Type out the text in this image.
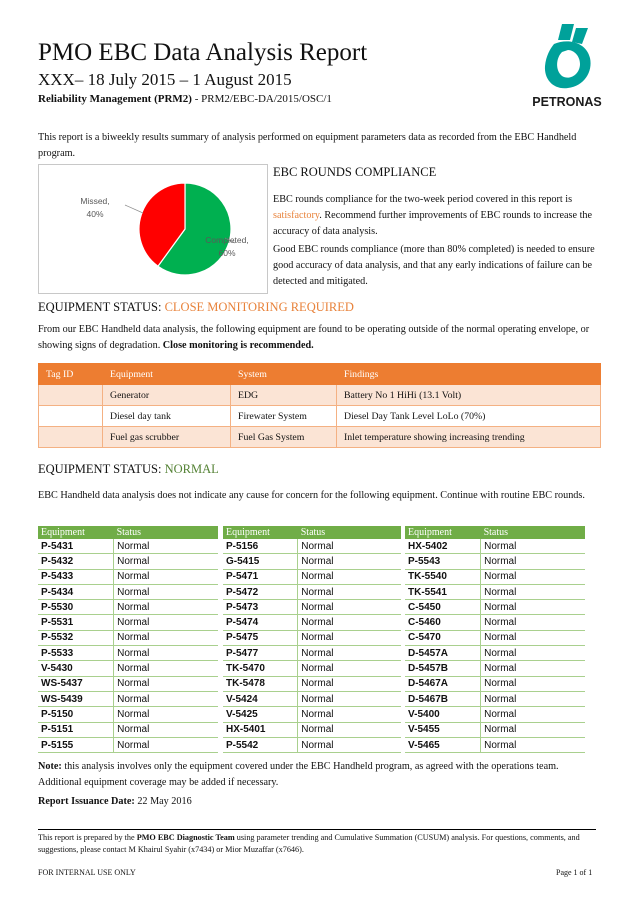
PMO EBC Data Analysis Report
XXX– 18 July 2015 – 1 August 2015
Reliability Management (PRM2) - PRM2/EBC-DA/2015/OSC/1	PETRONAS
This report is a biweekly results summary of analysis performed on equipment parameters data as recorded from the EBC Handheld program.
Missed,
40%
Completed,
60%
EBC ROUNDS COMPLIANCE
EBC rounds compliance for the two-week period covered in this report is satisfactory. Recommend further improvements of EBC rounds to increase the accuracy of data analysis.
Good EBC rounds compliance (more than 80% completed) is needed to ensure good accuracy of data analysis, and that any early indications of failure can be detected and mitigated.
EQUIPMENT STATUS: CLOSE MONITORING REQUIRED
From our EBC Handheld data analysis, the following equipment are found to be operating outside of the normal operating envelope, or showing signs of degradation. Close monitoring is recommended.
Tag ID	Equipment	System	Findings
	Generator	EDG	Battery No 1 HiHi (13.1 Volt)
	Diesel day tank	Firewater System	Diesel Day Tank Level LoLo (70%)
	Fuel gas scrubber	Fuel Gas System	Inlet temperature showing increasing trending
EQUIPMENT STATUS: NORMAL
EBC Handheld data analysis does not indicate any cause for concern for the following equipment. Continue with routine EBC rounds.
Equipment	Status
P-5431	Normal
P-5432	Normal
P-5433	Normal
P-5434	Normal
P-5530	Normal
P-5531	Normal
P-5532	Normal
P-5533	Normal
V-5430	Normal
WS-5437	Normal
WS-5439	Normal
P-5150	Normal
P-5151	Normal
P-5155	Normal
Equipment	Status
P-5156	Normal
G-5415	Normal
P-5471	Normal
P-5472	Normal
P-5473	Normal
P-5474	Normal
P-5475	Normal
P-5477	Normal
TK-5470	Normal
TK-5478	Normal
V-5424	Normal
V-5425	Normal
HX-5401	Normal
P-5542	Normal
Equipment	Status
HX-5402	Normal
P-5543	Normal
TK-5540	Normal
TK-5541	Normal
C-5450	Normal
C-5460	Normal
C-5470	Normal
D-5457A	Normal
D-5457B	Normal
D-5467A	Normal
D-5467B	Normal
V-5400	Normal
V-5455	Normal
V-5465	Normal
Note: this analysis involves only the equipment covered under the EBC Handheld program, as agreed with the operations team. Additional equipment coverage may be added if necessary.
Report Issuance Date: 22 May 2016
This report is prepared by the PMO EBC Diagnostic Team using parameter trending and Cumulative Summation (CUSUM) analysis. For questions, comments, and suggestions, please contact M Khairul Syahir (x7434) or Mior Muzaffar (x7646).
FOR INTERNAL USE ONLY	Page 1 of 1
